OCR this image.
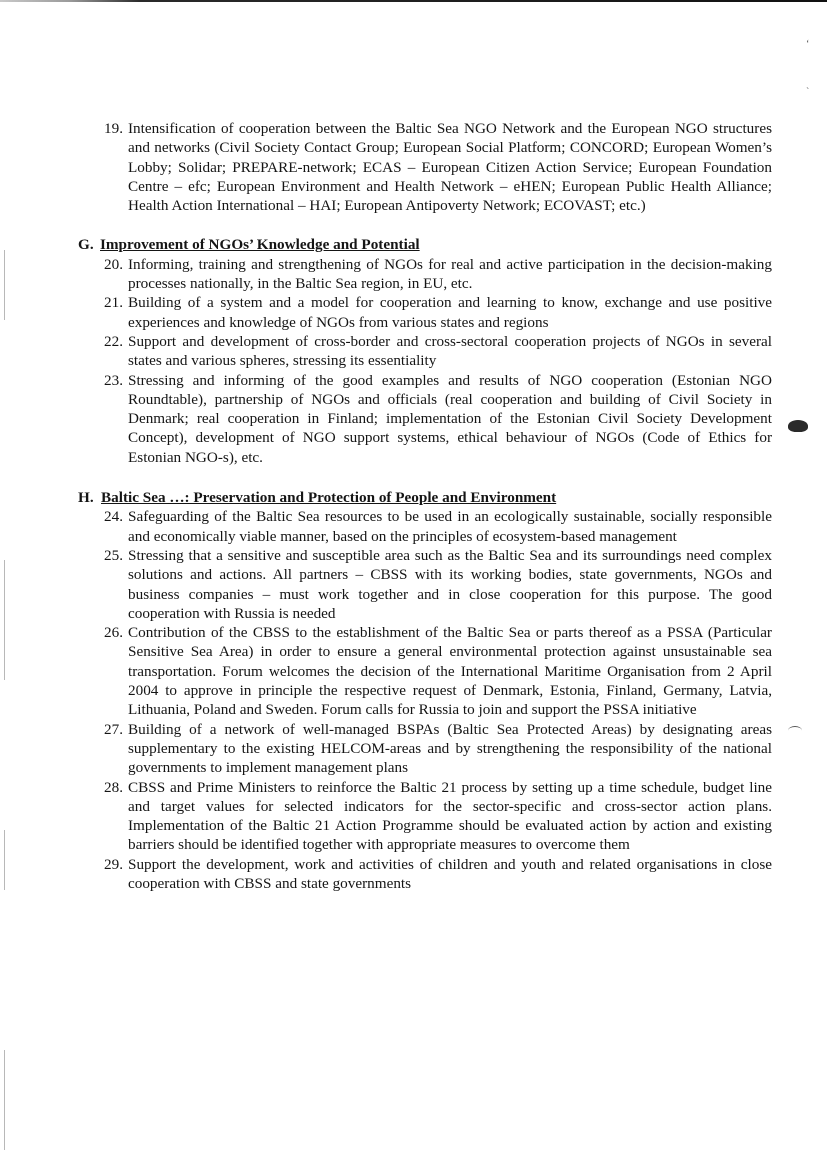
ʻ
ˋ
19. Intensification of cooperation between the Baltic Sea NGO Network and the European NGO structures and networks (Civil Society Contact Group; European Social Platform; CONCORD; European Women’s Lobby; Solidar; PREPARE-network; ECAS – European Citizen Action Service; European Foundation Centre – efc; European Environment and Health Network – eHEN; European Public Health Alliance; Health Action International – HAI; European Antipoverty Network; ECOVAST; etc.)
G. Improvement of NGOs’ Knowledge and Potential
20. Informing, training and strengthening of NGOs for real and active participation in the decision-making processes nationally, in the Baltic Sea region, in EU, etc.
21. Building of a system and a model for cooperation and learning to know, exchange and use positive experiences and knowledge of NGOs from various states and regions
22. Support and development of cross-border and cross-sectoral cooperation projects of NGOs in several states and various spheres, stressing its essentiality
23. Stressing and informing of the good examples and results of NGO cooperation (Estonian NGO Roundtable), partnership of NGOs and officials (real cooperation and building of Civil Society in Denmark; real cooperation in Finland; implementation of the Estonian Civil Society Development Concept), development of NGO support systems, ethical behaviour of NGOs (Code of Ethics for Estonian NGO-s), etc.
H. Baltic Sea …: Preservation and Protection of People and Environment
24. Safeguarding of the Baltic Sea resources to be used in an ecologically sustainable, socially responsible and economically viable manner, based on the principles of ecosystem-based management
25. Stressing that a sensitive and susceptible area such as the Baltic Sea and its surroundings need complex solutions and actions. All partners – CBSS with its working bodies, state governments, NGOs and business companies – must work together and in close cooperation for this purpose. The good cooperation with Russia is needed
26. Contribution of the CBSS to the establishment of the Baltic Sea or parts thereof as a PSSA (Particular Sensitive Sea Area) in order to ensure a general environmental protection against unsustainable sea transportation. Forum welcomes the decision of the International Maritime Organisation from 2 April 2004 to approve in principle the respective request of Denmark, Estonia, Finland, Germany, Latvia, Lithuania, Poland and Sweden. Forum calls for Russia to join and support the PSSA initiative
27. Building of a network of well-managed BSPAs (Baltic Sea Protected Areas) by designating areas supplementary to the existing HELCOM-areas and by strengthening the responsibility of the national governments to implement management plans
28. CBSS and Prime Ministers to reinforce the Baltic 21 process by setting up a time schedule, budget line and target values for selected indicators for the sector-specific and cross-sector action plans. Implementation of the Baltic 21 Action Programme should be evaluated action by action and existing barriers should be identified together with appropriate measures to overcome them
29. Support the development, work and activities of children and youth and related organisations in close cooperation with CBSS and state governments
